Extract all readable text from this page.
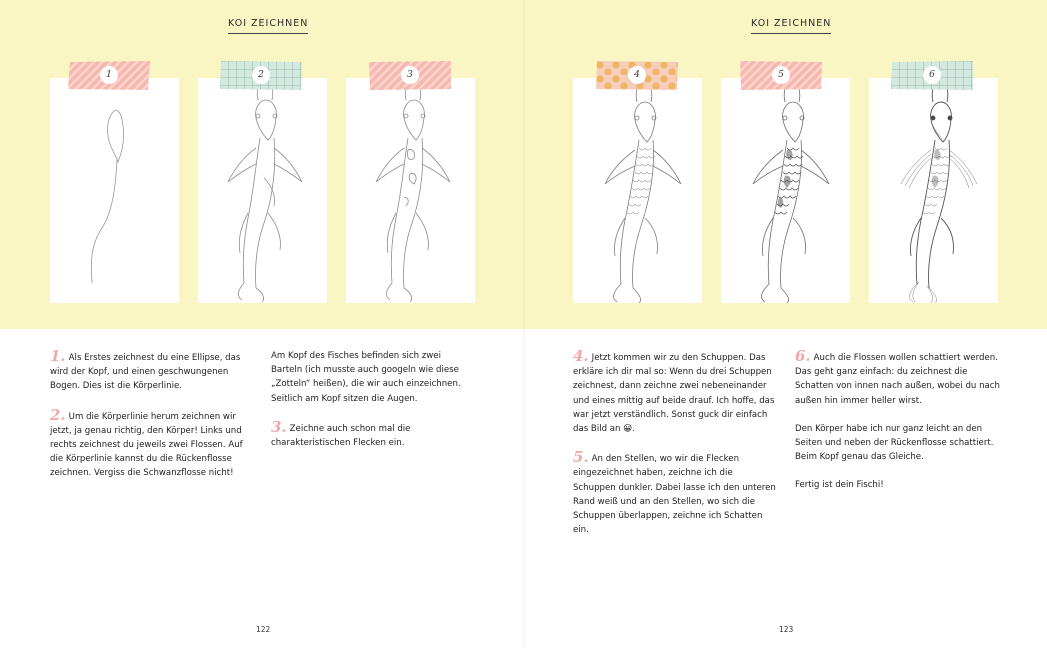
KOI ZEICHNEN	KOI ZEICHNEN
1	2	3	4	5	6

1. Als Erstes zeichnest du eine Ellipse, das wird der Kopf, und einen geschwungenen Bogen. Dies ist die Körperlinie.

2. Um die Körperlinie herum zeichnen wir jetzt, ja genau richtig, den Körper! Links und rechts zeichnest du jeweils zwei Flossen. Auf die Körperlinie kannst du die Rückenflosse zeichnen. Vergiss die Schwanzflosse nicht!

Am Kopf des Fisches befinden sich zwei Barteln (ich musste auch googeln wie diese „Zotteln“ heißen), die wir auch einzeichnen. Seitlich am Kopf sitzen die Augen.

3. Zeichne auch schon mal die charakteristischen Flecken ein.

4. Jetzt kommen wir zu den Schuppen. Das erkläre ich dir mal so: Wenn du drei Schuppen zeichnest, dann zeichne zwei nebeneinander und eines mittig auf beide drauf. Ich hoffe, das war jetzt verständlich. Sonst guck dir einfach das Bild an 😀.

5. An den Stellen, wo wir die Flecken eingezeichnet haben, zeichne ich die Schuppen dunkler. Dabei lasse ich den unteren Rand weiß und an den Stellen, wo sich die Schuppen überlappen, zeichne ich Schatten ein.

6. Auch die Flossen wollen schattiert werden. Das geht ganz einfach: du zeichnest die Schatten von innen nach außen, wobei du nach außen hin immer heller wirst.

Den Körper habe ich nur ganz leicht an den Seiten und neben der Rückenflosse schattiert. Beim Kopf genau das Gleiche.

Fertig ist dein Fischi!

122	123
